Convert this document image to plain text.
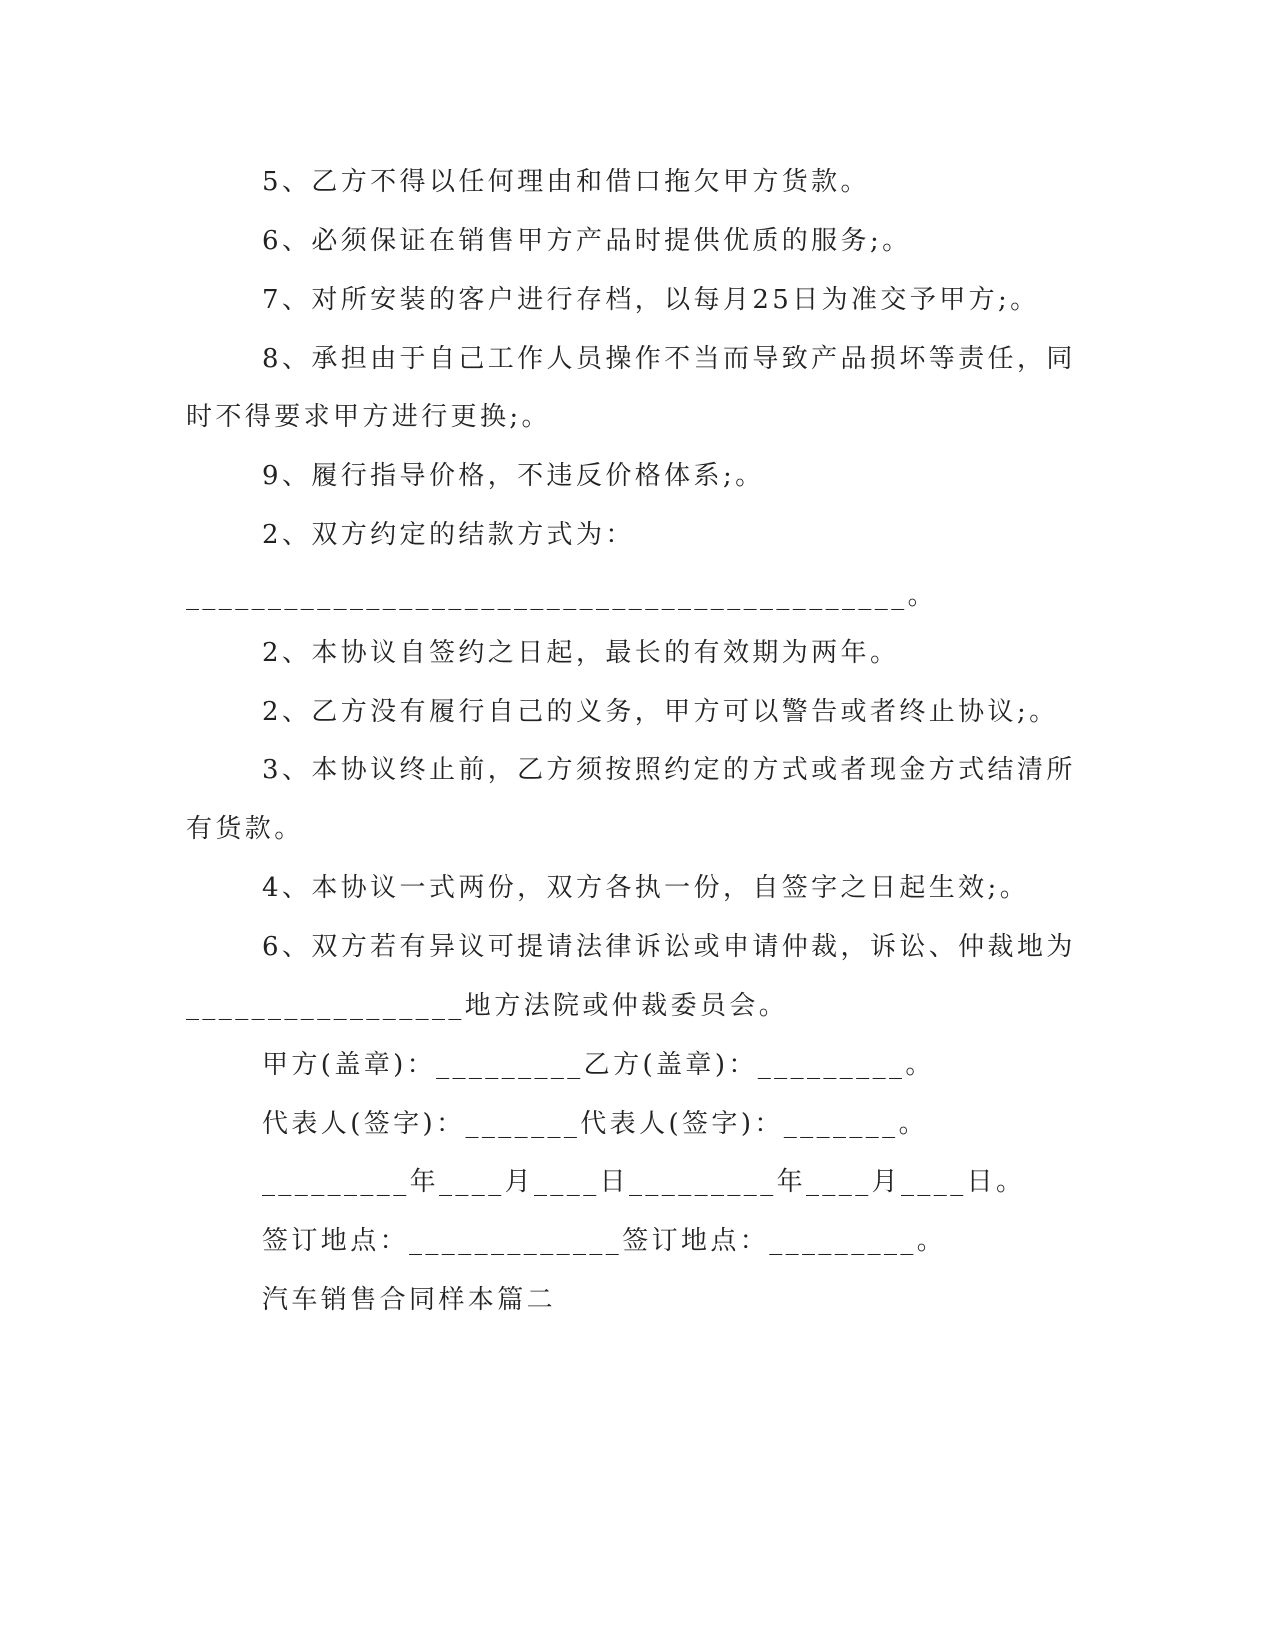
5、乙方不得以任何理由和借口拖欠甲方货款。
6、必须保证在销售甲方产品时提供优质的服务;。
7、对所安装的客户进行存档，以每月25日为准交予甲方;。
8、承担由于自己工作人员操作不当而导致产品损坏等责任，同
时不得要求甲方进行更换;。
9、履行指导价格，不违反价格体系;。
2、双方约定的结款方式为：
____________________________________________。
2、本协议自签约之日起，最长的有效期为两年。
2、乙方没有履行自己的义务，甲方可以警告或者终止协议;。
3、本协议终止前，乙方须按照约定的方式或者现金方式结清所
有货款。
4、本协议一式两份，双方各执一份，自签字之日起生效;。
6、双方若有异议可提请法律诉讼或申请仲裁，诉讼、仲裁地为
_________________地方法院或仲裁委员会。
甲方(盖章)：_________乙方(盖章)：_________。
代表人(签字)：_______代表人(签字)：_______。
_________年____月____日_________年____月____日。
签订地点：_____________签订地点：_________。
汽车销售合同样本篇二
